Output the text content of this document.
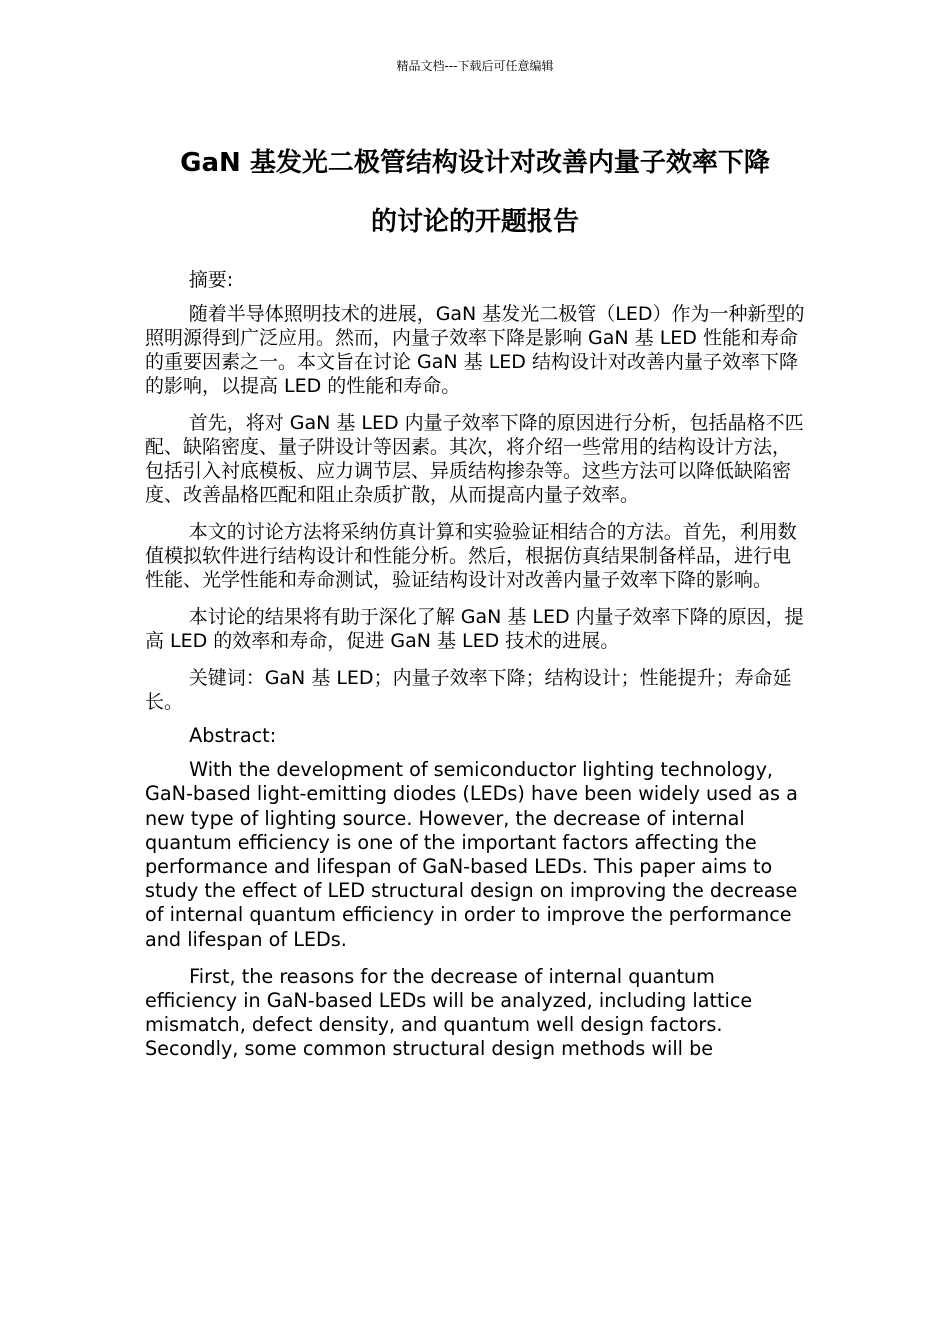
精品文档---下载后可任意编辑
GaN 基发光二极管结构设计对改善内量子效率下降
的讨论的开题报告

摘要:

随着半导体照明技术的进展，GaN 基发光二极管（LED）作为一种新型的照明源得到广泛应用。然而，内量子效率下降是影响 GaN 基 LED 性能和寿命的重要因素之一。本文旨在讨论 GaN 基 LED 结构设计对改善内量子效率下降的影响，以提高 LED 的性能和寿命。

首先，将对 GaN 基 LED 内量子效率下降的原因进行分析，包括晶格不匹配、缺陷密度、量子阱设计等因素。其次，将介绍一些常用的结构设计方法，包括引入衬底模板、应力调节层、异质结构掺杂等。这些方法可以降低缺陷密度、改善晶格匹配和阻止杂质扩散，从而提高内量子效率。

本文的讨论方法将采纳仿真计算和实验验证相结合的方法。首先，利用数值模拟软件进行结构设计和性能分析。然后，根据仿真结果制备样品，进行电性能、光学性能和寿命测试，验证结构设计对改善内量子效率下降的影响。

本讨论的结果将有助于深化了解 GaN 基 LED 内量子效率下降的原因，提高 LED 的效率和寿命，促进 GaN 基 LED 技术的进展。

关键词：GaN 基 LED；内量子效率下降；结构设计；性能提升；寿命延长。

Abstract:

With the development of semiconductor lighting technology, GaN-based light-emitting diodes (LEDs) have been widely used as a new type of lighting source. However, the decrease of internal quantum efficiency is one of the important factors affecting the performance and lifespan of GaN-based LEDs. This paper aims to study the effect of LED structural design on improving the decrease of internal quantum efficiency in order to improve the performance and lifespan of LEDs.

First, the reasons for the decrease of internal quantum efficiency in GaN-based LEDs will be analyzed, including lattice mismatch, defect density, and quantum well design factors. Secondly, some common structural design methods will be
